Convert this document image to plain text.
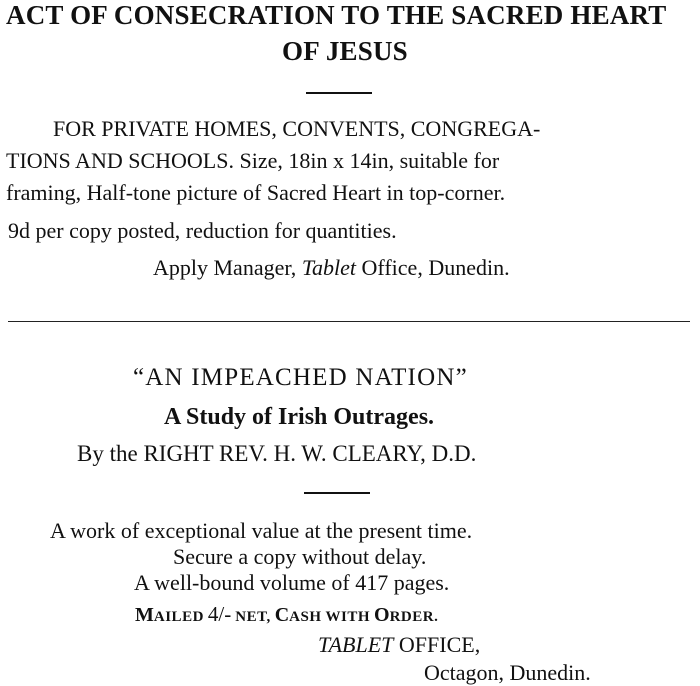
ACT OF CONSECRATION TO THE SACRED HEART
OF JESUS
FOR PRIVATE HOMES, CONVENTS, CONGREGA-
TIONS AND SCHOOLS. Size, 18in x 14in, suitable for
framing, Half-tone picture of Sacred Heart in top-corner.
9d per copy posted, reduction for quantities.
Apply Manager, Tablet Office, Dunedin.
“AN IMPEACHED NATION”
A Study of Irish Outrages.
By the RIGHT REV. H. W. CLEARY, D.D.
A work of exceptional value at the present time.
Secure a copy without delay.
A well-bound volume of 417 pages.
MAILED 4/- NET, CASH WITH ORDER.
TABLET OFFICE,
Octagon, Dunedin.
